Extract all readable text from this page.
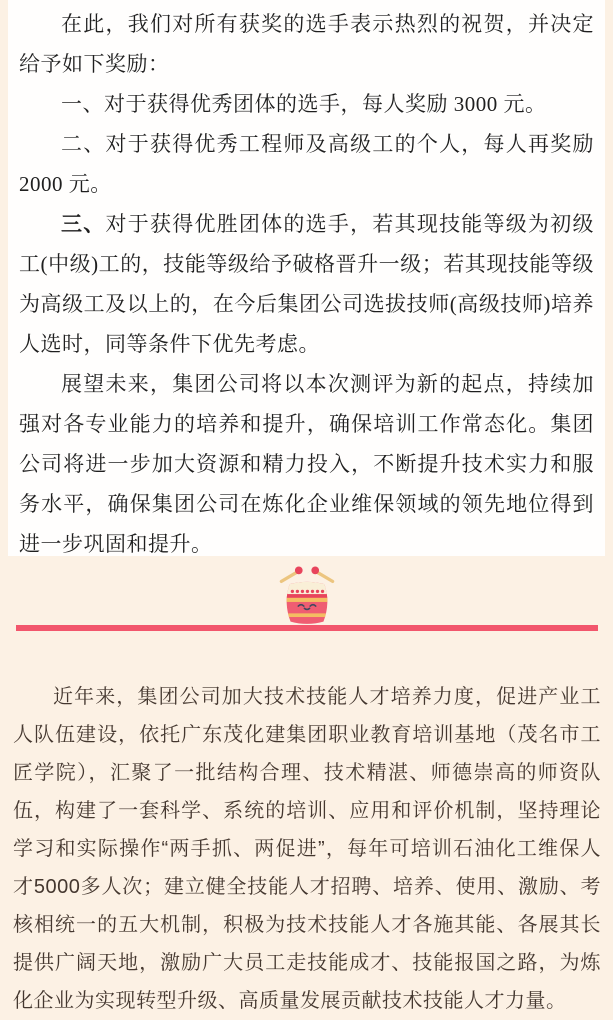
在此，我们对所有获奖的选手表示热烈的祝贺，并决定给予如下奖励：

一、对于获得优秀团体的选手，每人奖励 3000 元。

二、对于获得优秀工程师及高级工的个人，每人再奖励 2000 元。

三、对于获得优胜团体的选手，若其现技能等级为初级工(中级)工的，技能等级给予破格晋升一级；若其现技能等级为高级工及以上的，在今后集团公司选拔技师(高级技师)培养人选时，同等条件下优先考虑。

展望未来，集团公司将以本次测评为新的起点，持续加强对各专业能力的培养和提升，确保培训工作常态化。集团公司将进一步加大资源和精力投入，不断提升技术实力和服务水平，确保集团公司在炼化企业维保领域的领先地位得到进一步巩固和提升。

近年来，集团公司加大技术技能人才培养力度，促进产业工人队伍建设，依托广东茂化建集团职业教育培训基地（茂名市工匠学院），汇聚了一批结构合理、技术精湛、师德崇高的师资队伍，构建了一套科学、系统的培训、应用和评价机制，坚持理论学习和实际操作“两手抓、两促进”，每年可培训石油化工维保人才5000多人次；建立健全技能人才招聘、培养、使用、激励、考核相统一的五大机制，积极为技术技能人才各施其能、各展其长提供广阔天地，激励广大员工走技能成才、技能报国之路，为炼化企业为实现转型升级、高质量发展贡献技术技能人才力量。
